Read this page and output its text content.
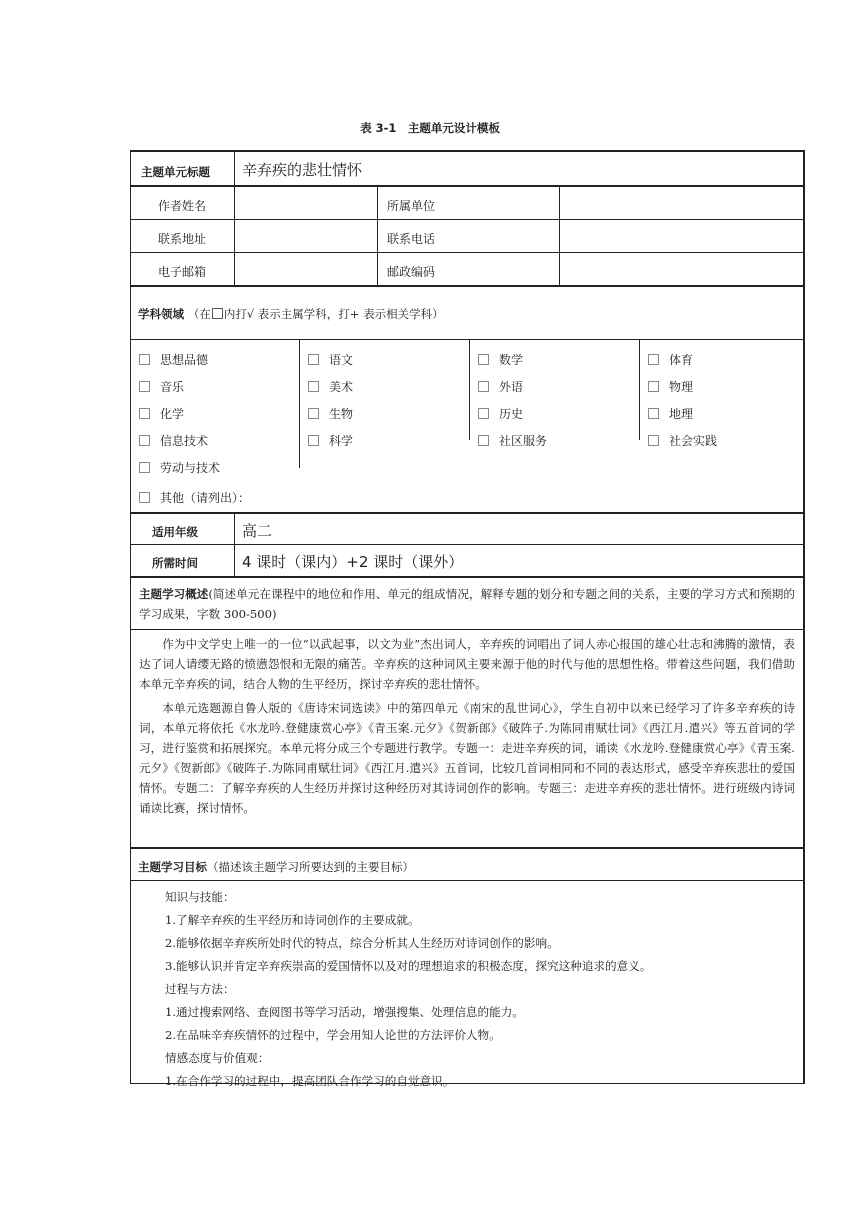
表 3-1　主题单元设计模板
主题单元标题 辛弃疾的悲壮情怀
作者姓名	所属单位
联系地址	联系电话
电子邮箱	邮政编码
学科领域 （在 内打√ 表示主属学科，打+ 表示相关学科）
思想品德
音乐
化学
信息技术
劳动与技术
语文
美术
生物
科学
数学
外语
历史
社区服务
体育
物理
地理
社会实践
其他（请列出）：
适用年级	高二
所需时间	4 课时（课内）+2 课时（课外）
主题学习概述(简述单元在课程中的地位和作用、单元的组成情况，解释专题的划分和专题之间的关系，主要的学习方式和预期的学习成果，字数 300-500)

作为中文学史上唯一的一位“以武起事，以文为业”杰出词人，辛弃疾的词唱出了词人赤心报国的雄心壮志和沸腾的激情，表达了词人请缨无路的愤懑怨恨和无限的痛苦。辛弃疾的这种词风主要来源于他的时代与他的思想性格。带着这些问题，我们借助本单元辛弃疾的词，结合人物的生平经历，探讨辛弃疾的悲壮情怀。

本单元选题源自鲁人版的《唐诗宋词选读》中的第四单元《南宋的乱世词心》，学生自初中以来已经学习了许多辛弃疾的诗词，本单元将依托《水龙吟.登健康赏心亭》《青玉案.元夕》《贺新郎》《破阵子.为陈同甫赋壮词》《西江月.遣兴》等五首词的学习，进行鉴赏和拓展探究。本单元将分成三个专题进行教学。专题一：走进辛弃疾的词，诵读《水龙吟.登健康赏心亭》《青玉案.元夕》《贺新郎》《破阵子.为陈同甫赋壮词》《西江月.遣兴》五首词，比较几首词相同和不同的表达形式，感受辛弃疾悲壮的爱国情怀。专题二：了解辛弃疾的人生经历并探讨这种经历对其诗词创作的影响。专题三：走进辛弃疾的悲壮情怀。进行班级内诗词诵读比赛，探讨情怀。

主题学习目标（描述该主题学习所要达到的主要目标）
知识与技能：
1.了解辛弃疾的生平经历和诗词创作的主要成就。
2.能够依据辛弃疾所处时代的特点，综合分析其人生经历对诗词创作的影响。
3.能够认识并肯定辛弃疾崇高的爱国情怀以及对的理想追求的积极态度，探究这种追求的意义。
过程与方法：
1.通过搜索网络、查阅图书等学习活动，增强搜集、处理信息的能力。
2.在品味辛弃疾情怀的过程中，学会用知人论世的方法评价人物。
情感态度与价值观：
1.在合作学习的过程中，提高团队合作学习的自觉意识。
